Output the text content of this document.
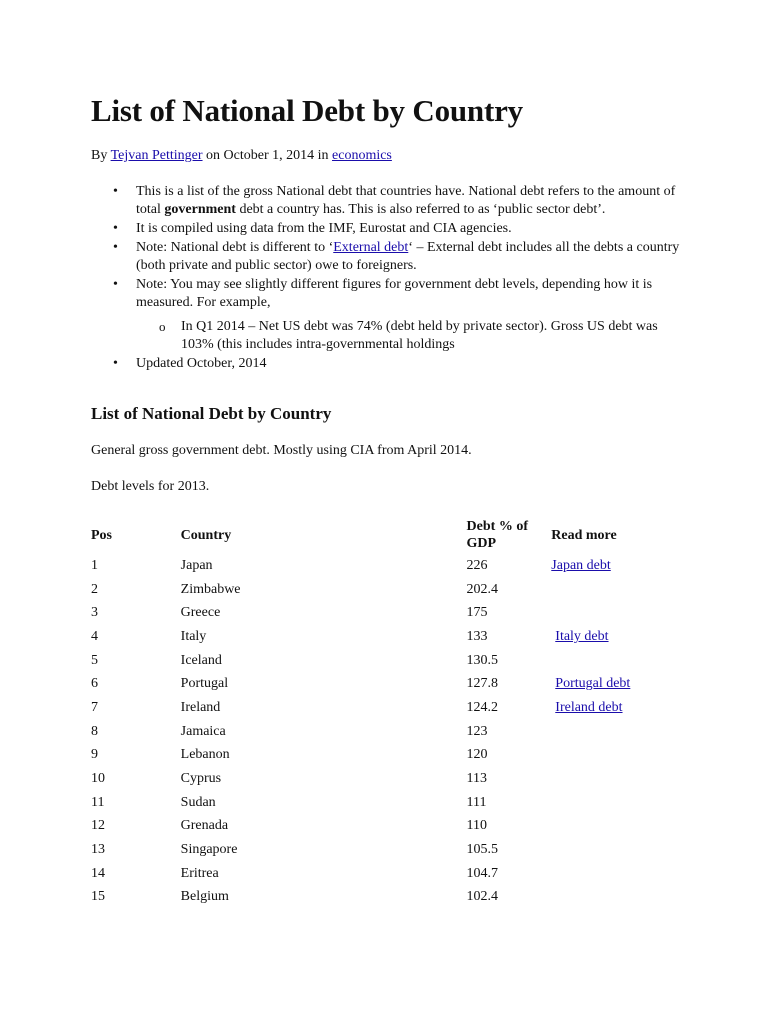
List of National Debt by Country
By Tejvan Pettinger on October 1, 2014 in economics
• This is a list of the gross National debt that countries have. National debt refers to the amount of total government debt a country has. This is also referred to as ‘public sector debt’.
• It is compiled using data from the IMF, Eurostat and CIA agencies.
• Note: National debt is different to ‘External debt‘ – External debt includes all the debts a country (both private and public sector) owe to foreigners.
• Note: You may see slightly different figures for government debt levels, depending how it is measured. For example,
o In Q1 2014 – Net US debt was 74% (debt held by private sector). Gross US debt was 103% (this includes intra-governmental holdings
• Updated October, 2014
List of National Debt by Country
General gross government debt. Mostly using CIA from April 2014.
Debt levels for 2013.
Pos	Country	Debt % of GDP	Read more
1	Japan	226	Japan debt
2	Zimbabwe	202.4	
3	Greece	175	
4	Italy	133	Italy debt
5	Iceland	130.5	
6	Portugal	127.8	Portugal debt
7	Ireland	124.2	Ireland debt
8	Jamaica	123	
9	Lebanon	120	
10	Cyprus	113	
11	Sudan	111	
12	Grenada	110	
13	Singapore	105.5	
14	Eritrea	104.7	
15	Belgium	102.4	
